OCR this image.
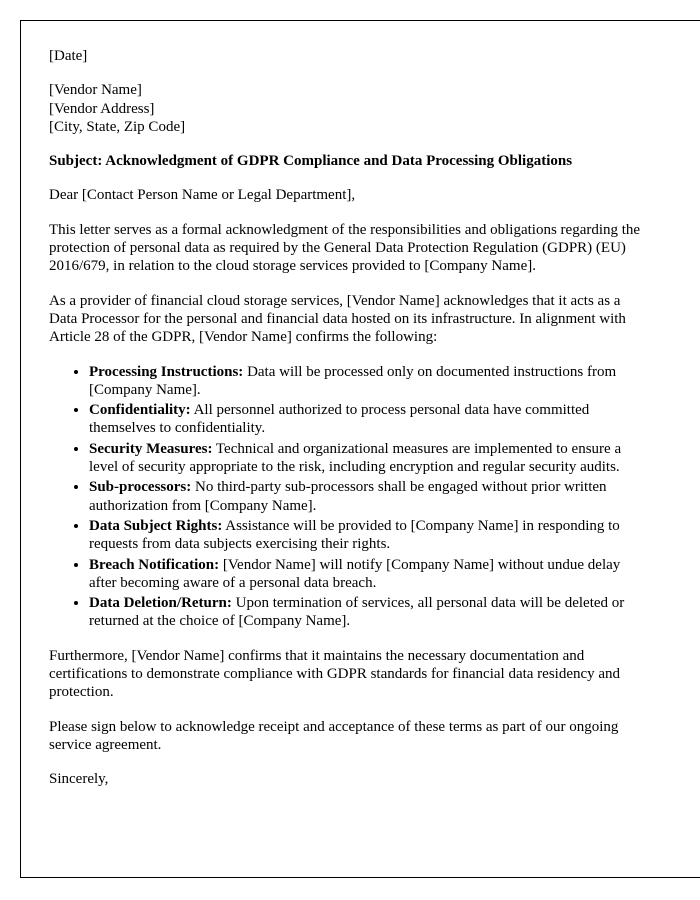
[Date]

[Vendor Name]
[Vendor Address]
[City, State, Zip Code]

Subject: Acknowledgment of GDPR Compliance and Data Processing Obligations

Dear [Contact Person Name or Legal Department],

This letter serves as a formal acknowledgment of the responsibilities and obligations regarding the protection of personal data as required by the General Data Protection Regulation (GDPR) (EU) 2016/679, in relation to the cloud storage services provided to [Company Name].

As a provider of financial cloud storage services, [Vendor Name] acknowledges that it acts as a Data Processor for the personal and financial data hosted on its infrastructure. In alignment with Article 28 of the GDPR, [Vendor Name] confirms the following:

• Processing Instructions: Data will be processed only on documented instructions from [Company Name].
• Confidentiality: All personnel authorized to process personal data have committed themselves to confidentiality.
• Security Measures: Technical and organizational measures are implemented to ensure a level of security appropriate to the risk, including encryption and regular security audits.
• Sub-processors: No third-party sub-processors shall be engaged without prior written authorization from [Company Name].
• Data Subject Rights: Assistance will be provided to [Company Name] in responding to requests from data subjects exercising their rights.
• Breach Notification: [Vendor Name] will notify [Company Name] without undue delay after becoming aware of a personal data breach.
• Data Deletion/Return: Upon termination of services, all personal data will be deleted or returned at the choice of [Company Name].

Furthermore, [Vendor Name] confirms that it maintains the necessary documentation and certifications to demonstrate compliance with GDPR standards for financial data residency and protection.

Please sign below to acknowledge receipt and acceptance of these terms as part of our ongoing service agreement.

Sincerely,
